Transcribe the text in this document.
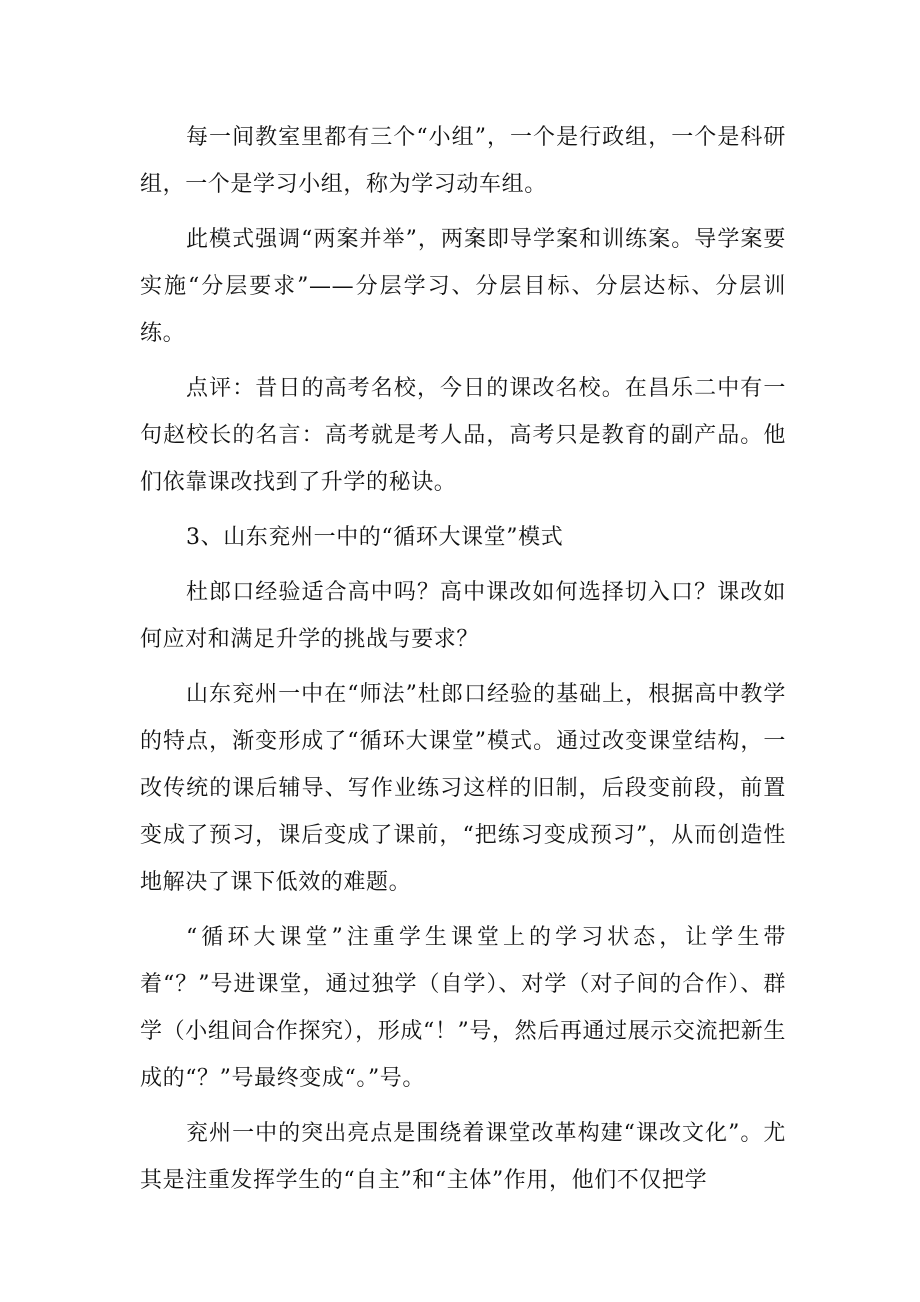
每一间教室里都有三个“小组”，一个是行政组，一个是科研组，一个是学习小组，称为学习动车组。

此模式强调“两案并举”，两案即导学案和训练案。导学案要实施“分层要求”——分层学习、分层目标、分层达标、分层训练。

点评：昔日的高考名校，今日的课改名校。在昌乐二中有一句赵校长的名言：高考就是考人品，高考只是教育的副产品。他们依靠课改找到了升学的秘诀。

3、山东兖州一中的“循环大课堂”模式

杜郎口经验适合高中吗？高中课改如何选择切入口？课改如何应对和满足升学的挑战与要求？

山东兖州一中在“师法”杜郎口经验的基础上，根据高中教学的特点，渐变形成了“循环大课堂”模式。通过改变课堂结构，一改传统的课后辅导、写作业练习这样的旧制，后段变前段，前置变成了预习，课后变成了课前，“把练习变成预习”，从而创造性地解决了课下低效的难题。

“循环大课堂”注重学生课堂上的学习状态，让学生带着“？”号进课堂，通过独学（自学）、对学（对子间的合作）、群学（小组间合作探究），形成“！”号，然后再通过展示交流把新生成的“？”号最终变成“。”号。

兖州一中的突出亮点是围绕着课堂改革构建“课改文化”。尤其是注重发挥学生的“自主”和“主体”作用，他们不仅把学
